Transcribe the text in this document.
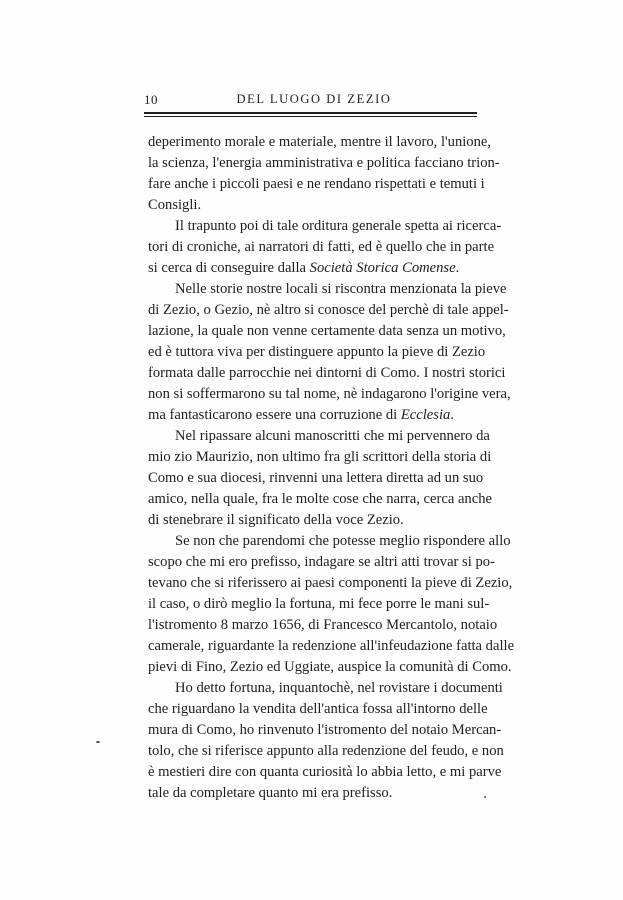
10	DEL LUOGO DI ZEZIO
deperimento morale e materiale, mentre il lavoro, l'unione,
la scienza, l'energia amministrativa e politica facciano trion-
fare anche i piccoli paesi e ne rendano rispettati e temuti i
Consigli.
Il trapunto poi di tale orditura generale spetta ai ricerca-
tori di croniche, ai narratori di fatti, ed è quello che in parte
si cerca di conseguire dalla Società Storica Comense.
Nelle storie nostre locali si riscontra menzionata la pieve
di Zezio, o Gezio, nè altro si conosce del perchè di tale appel-
lazione, la quale non venne certamente data senza un motivo,
ed è tuttora viva per distinguere appunto la pieve di Zezio
formata dalle parrocchie nei dintorni di Como. I nostri storici
non si soffermarono su tal nome, nè indagarono l'origine vera,
ma fantasticarono essere una corruzione di Ecclesia.
Nel ripassare alcuni manoscritti che mi pervennero da
mio zio Maurizio, non ultimo fra gli scrittori della storia di
Como e sua diocesi, rinvenni una lettera diretta ad un suo
amico, nella quale, fra le molte cose che narra, cerca anche
di stenebrare il significato della voce Zezio.
Se non che parendomi che potesse meglio rispondere allo
scopo che mi ero prefisso, indagare se altri atti trovar si po-
tevano che si riferissero ai paesi componenti la pieve di Zezio,
il caso, o dirò meglio la fortuna, mi fece porre le mani sul-
l'istromento 8 marzo 1656, di Francesco Mercantolo, notaio
camerale, riguardante la redenzione all'infeudazione fatta dalle
pievi di Fino, Zezio ed Uggiate, auspice la comunità di Como.
Ho detto fortuna, inquantochè, nel rovistare i documenti
che riguardano la vendita dell'antica fossa all'intorno delle
mura di Como, ho rinvenuto l'istromento del notaio Mercan-
tolo, che si riferisce appunto alla redenzione del feudo, e non
è mestieri dire con quanta curiosità lo abbia letto, e mi parve
tale da completare quanto mi era prefisso.
